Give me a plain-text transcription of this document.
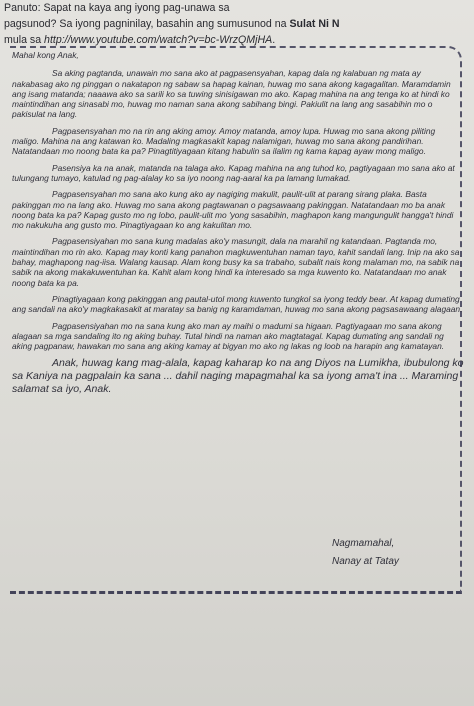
Panuto: Sapat na kaya ang iyong pag-unawa sa
pagsunod? Sa iyong pagninilay, basahin ang sumusunod na Sulat Ni N
mula sa http://www.youtube.com/watch?v=bc-WrzQMjHA.

Mahal kong Anak,

Sa aking pagtanda, unawain mo sana ako at pagpasensyahan, kapag dala ng kalabuan ng mata ay nakabasag ako ng pinggan o nakatapon ng sabaw sa hapag kainan, huwag mo sana akong kagagalitan. Maramdamin ang isang matanda; naaawa ako sa sarili ko sa tuwing sinisigawan mo ako. Kapag mahina na ang tenga ko at hindi ko maintindihan ang sinasabi mo, huwag mo naman sana akong sabihang bingi. Pakiulit na lang ang sasabihin mo o pakisulat na lang.

Pagpasensyahan mo na rin ang aking amoy. Amoy matanda, amoy lupa. Huwag mo sana akong piliting maligo. Mahina na ang katawan ko. Madaling magkasakit kapag nalamigan, huwag mo sana akong pandirihan. Natatandaan mo noong bata ka pa? Pinagtitiyagaan kitang habulin sa ilalim ng kama kapag ayaw mong maligo.

Pasensiya ka na anak, matanda na talaga ako. Kapag mahina na ang tuhod ko, pagtiyagaan mo sana ako at tulungang tumayo, katulad ng pag-alalay ko sa iyo noong nag-aaral ka pa lamang lumakad.

Pagpasensyahan mo sana ako kung ako ay nagiging makulit, paulit-ulit at parang sirang plaka. Basta pakinggan mo na lang ako. Huwag mo sana akong pagtawanan o pagsawaang pakinggan. Natatandaan mo ba anak noong bata ka pa? Kapag gusto mo ng lobo, paulit-ulit mo 'yong sasabihin, maghapon kang mangungulit hangga't hindi mo nakukuha ang gusto mo. Pinagtiyagaan ko ang kakulitan mo.

Pagpasensiyahan mo sana kung madalas ako'y masungit, dala na marahil ng katandaan. Pagtanda mo, maintindihan mo rin ako. Kapag may konti kang panahon magkuwentuhan naman tayo, kahit sandali lang. Inip na ako sa bahay, maghapong nag-iisa. Walang kausap. Alam kong busy ka sa trabaho, subalit nais kong malaman mo, na sabik na sabik na akong makakuwentuhan ka. Kahit alam kong hindi ka interesado sa mga kuwento ko. Natatandaan mo anak noong bata ka pa.

Pinagtiyagaan kong pakinggan ang pautal-utol mong kuwento tungkol sa iyong teddy bear. At kapag dumating ang sandali na ako'y magkakasakit at maratay sa banig ng karamdaman, huwag mo sana akong pagsasawaang alagaan.

Pagpasensiyahan mo na sana kung ako man ay maihi o madumi sa higaan. Pagtiyagaan mo sana akong alagaan sa mga sandaling ito ng aking buhay. Tutal hindi na naman ako magtatagal. Kapag dumating ang sandali ng aking pagpanaw, hawakan mo sana ang aking kamay at bigyan mo ako ng lakas ng loob na harapin ang kamatayan.

Anak, huwag kang mag-alala, kapag kaharap ko na ang Diyos na Lumikha, ibubulong ko sa Kaniya na pagpalain ka sana ... dahil naging mapagmahal ka sa iyong ama't ina ... Maraming salamat sa iyo, Anak.

Nagmamahal,
Nanay at Tatay
